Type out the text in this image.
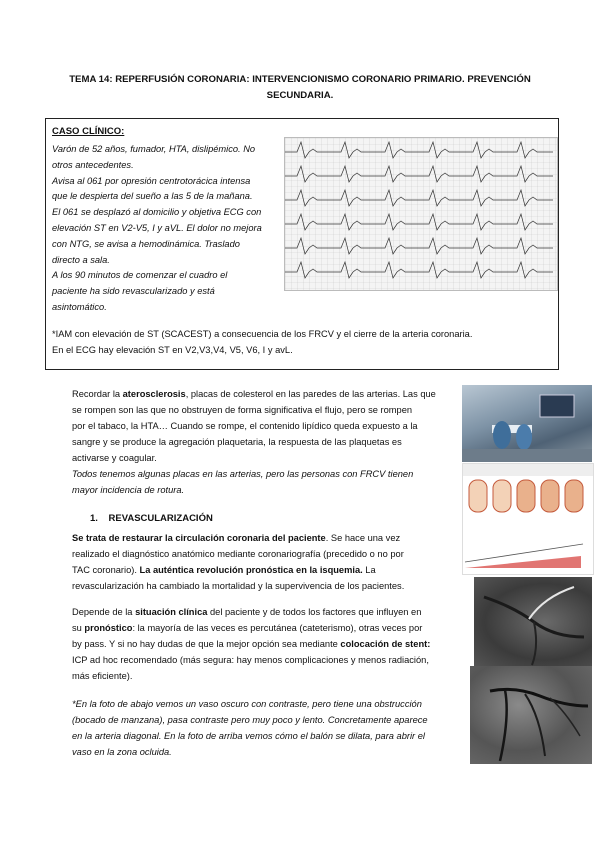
TEMA 14: REPERFUSIÓN CORONARIA: INTERVENCIONISMO CORONARIO PRIMARIO. PREVENCIÓN
SECUNDARIA.
CASO CLÍNICO:
Varón de 52 años, fumador, HTA, dislipémico. No
otros antecedentes.
Avisa al 061 por opresión centrotorácica intensa
que le despierta del sueño a las 5 de la mañana.
El 061 se desplazó al domicilio y objetiva ECG con
elevación ST en V2-V5, I y aVL. El dolor no mejora
con NTG, se avisa a hemodinámica. Traslado
directo a sala.
A los 90 minutos de comenzar el cuadro el
paciente ha sido revascularizado y está
asintomático.
*IAM con elevación de ST (SCACEST) a consecuencia de los FRCV y el cierre de la arteria coronaria.
En el ECG hay elevación ST en V2,V3,V4, V5, V6, I y avL.
Recordar la aterosclerosis, placas de colesterol en las paredes de las arterias. Las que
se rompen son las que no obstruyen de forma significativa el flujo, pero se rompen
por el tabaco, la HTA… Cuando se rompe, el contenido lipídico queda expuesto a la
sangre y se produce la agregación plaquetaria, la respuesta de las plaquetas es
activarse y coagular.
Todos tenemos algunas placas en las arterias, pero las personas con FRCV tienen
mayor incidencia de rotura.
1. REVASCULARIZACIÓN
Se trata de restaurar la circulación coronaria del paciente. Se hace una vez
realizado el diagnóstico anatómico mediante coronariografía (precedido o no por
TAC coronario). La auténtica revolución pronóstica en la isquemia. La
revascularización ha cambiado la mortalidad y la supervivencia de los pacientes.
Depende de la situación clínica del paciente y de todos los factores que influyen en
su pronóstico: la mayoría de las veces es percutánea (cateterismo), otras veces por
by pass. Y si no hay dudas de que la mejor opción sea mediante colocación de stent:
ICP ad hoc recomendado (más segura: hay menos complicaciones y menos radiación,
más eficiente).
*En la foto de abajo vemos un vaso oscuro con contraste, pero tiene una obstrucción
(bocado de manzana), pasa contraste pero muy poco y lento. Concretamente aparece
en la arteria diagonal. En la foto de arriba vemos cómo el balón se dilata, para abrir el
vaso en la zona ocluida.
